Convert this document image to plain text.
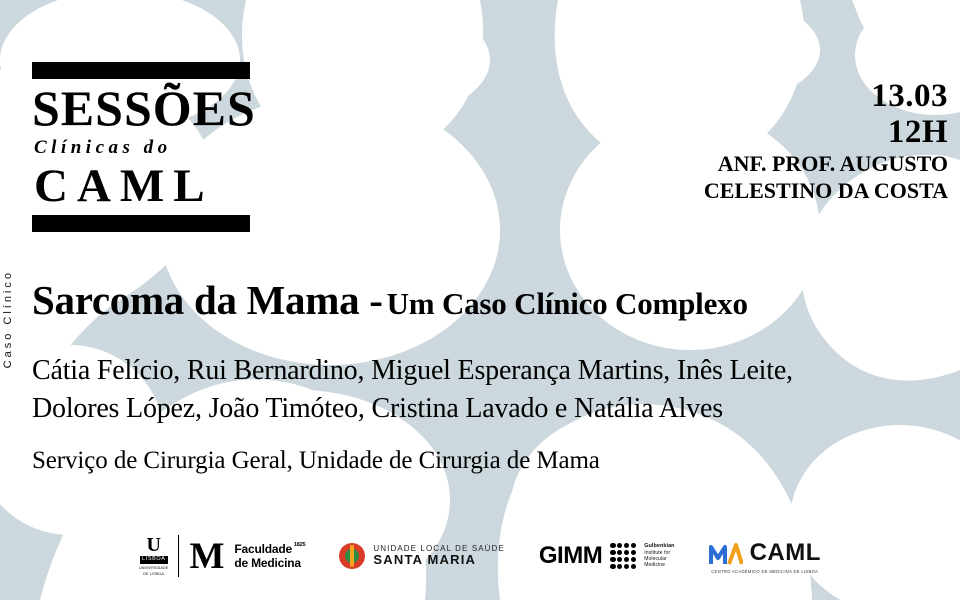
Caso Clínico
SESSÕES
Clínicas do
CAML
13.03
12H
ANF. PROF. AUGUSTO
CELESTINO DA COSTA
Sarcoma da Mama - Um Caso Clínico Complexo
Cátia Felício, Rui Bernardino, Miguel Esperança Martins, Inês Leite,
Dolores López, João Timóteo, Cristina Lavado e Natália Alves
Serviço de Cirurgia Geral, Unidade de Cirurgia de Mama
U
LISBOA
UNIVERSIDADE
DE LISBOA M Faculdade 1825
de Medicina
UNIDADE LOCAL DE SAÚDE
SANTA MARIA	GIMM	Gulbenkian
Institute for
Molecular
Medicine	CAML
CENTRO ACADÉMICO DE MEDICINA DE LISBOA
